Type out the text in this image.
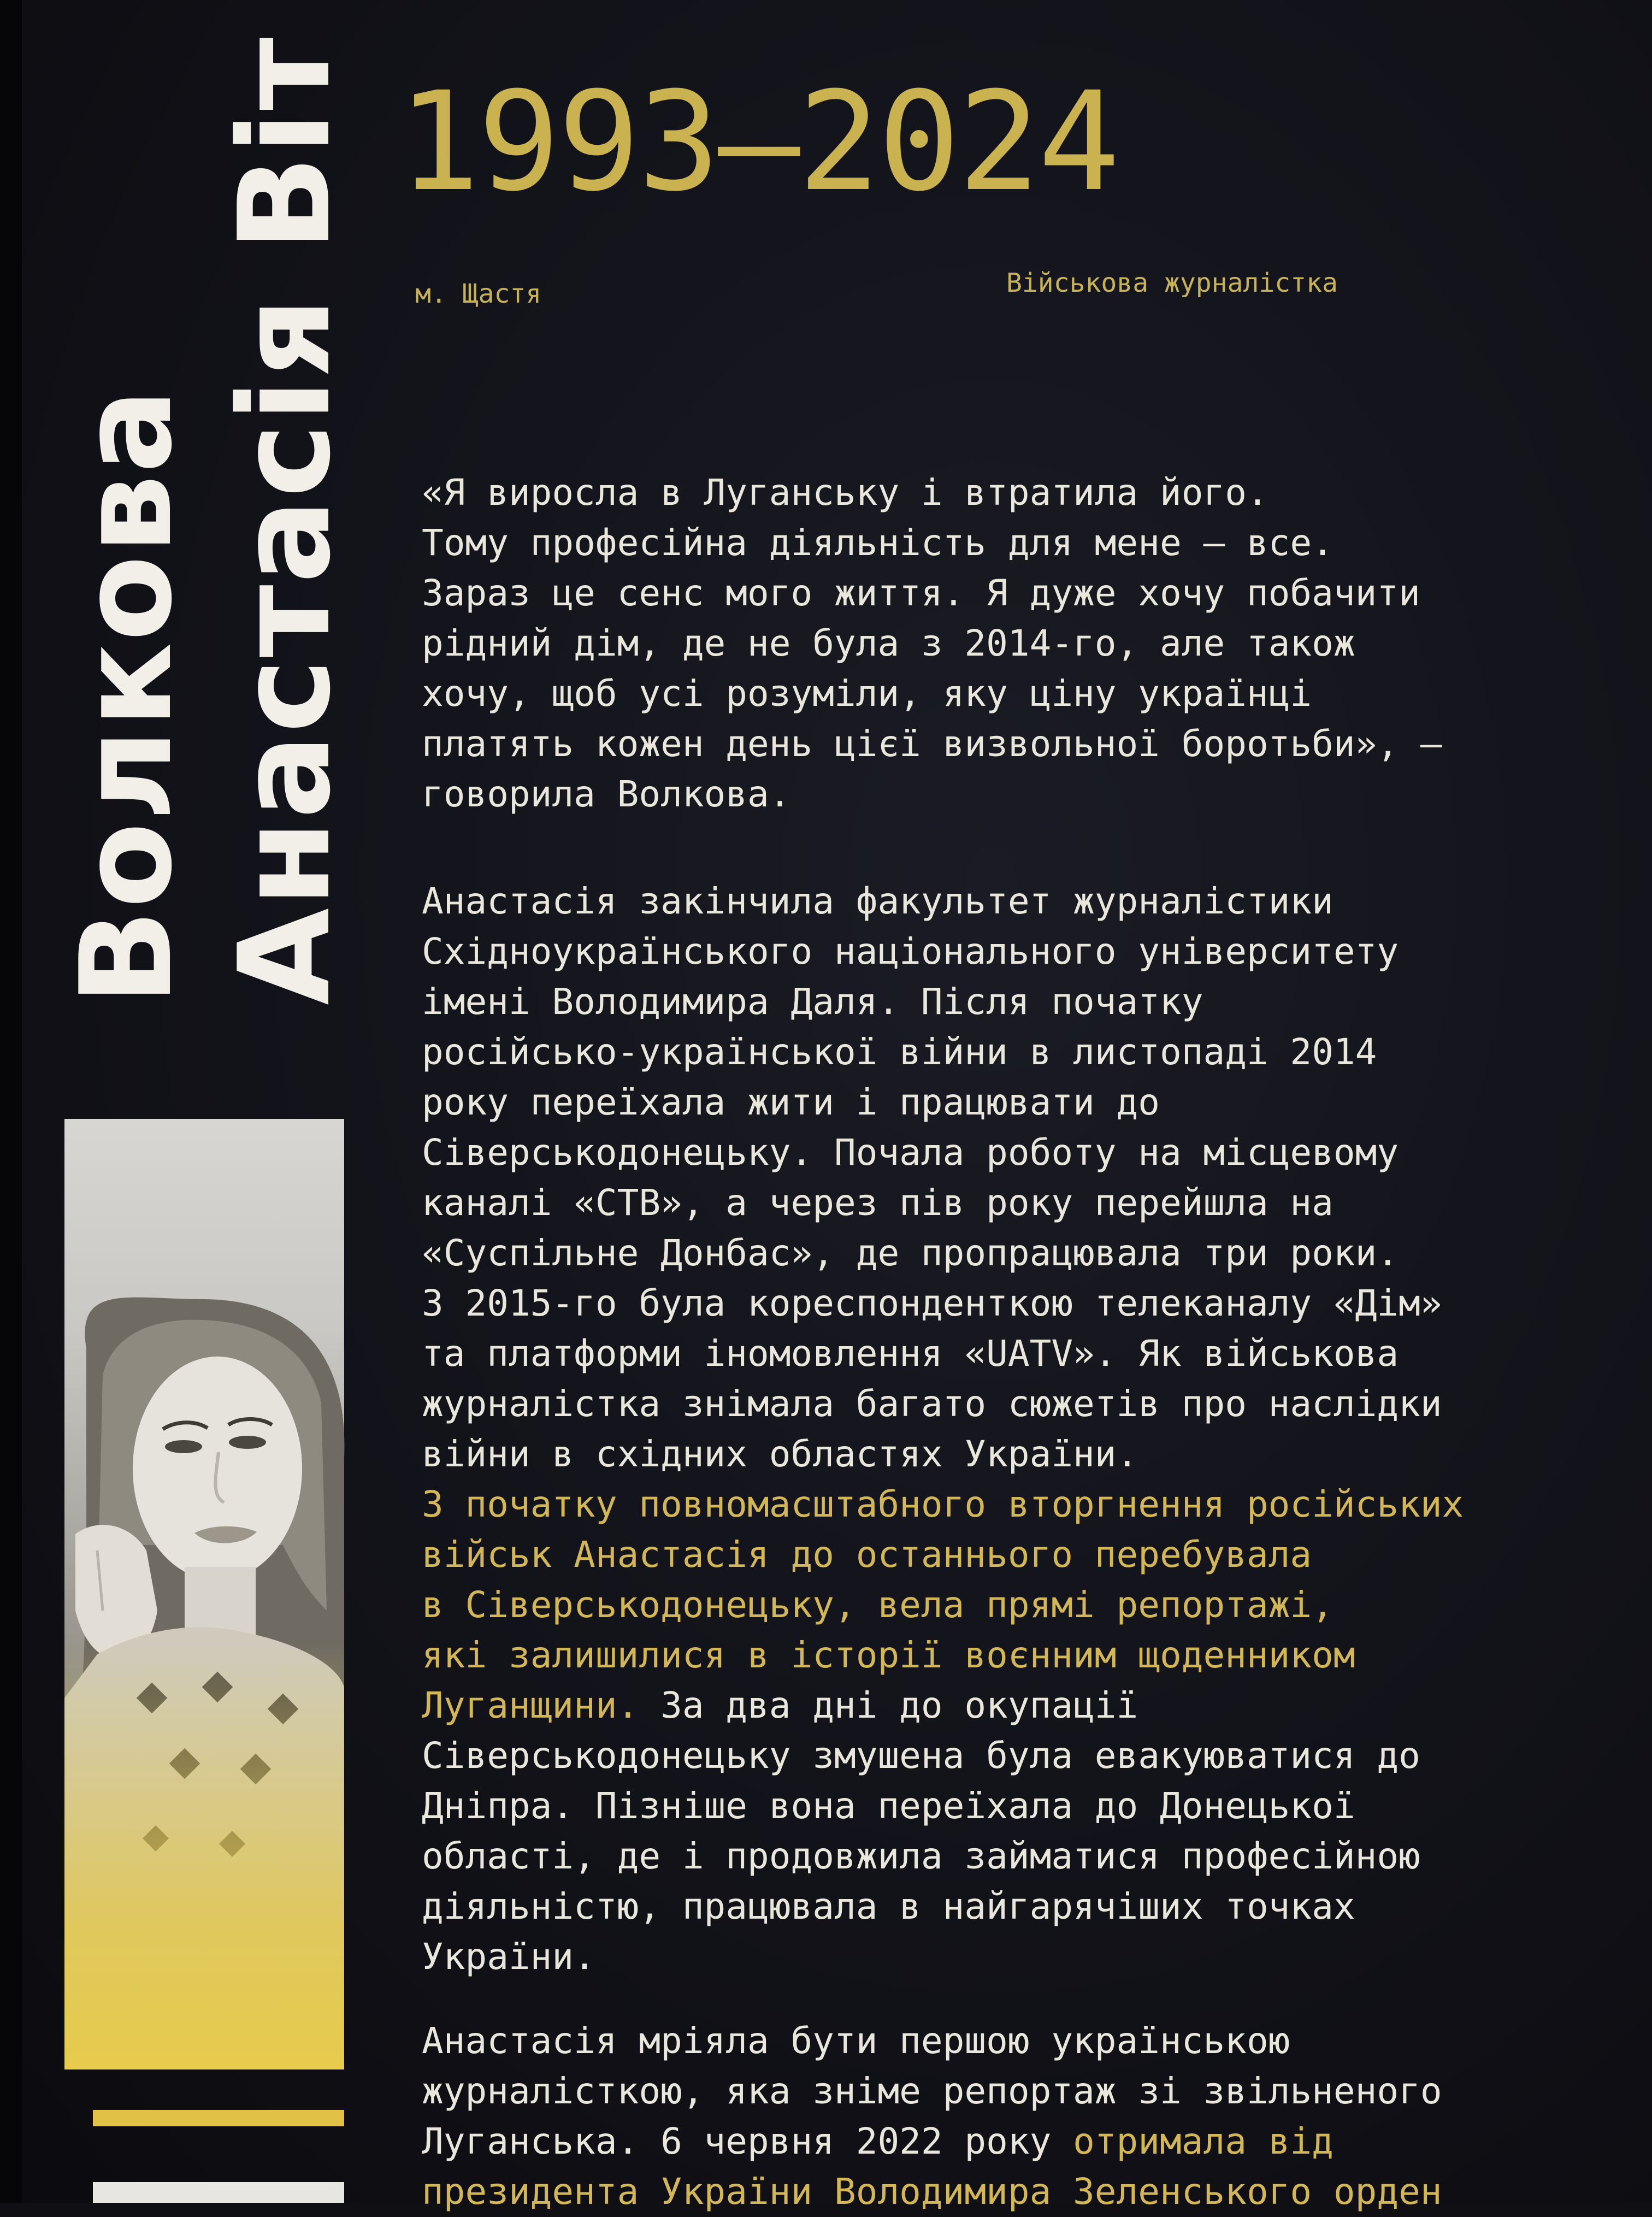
Волкова Анастасія Віт 1993–2024
м. Щастя	Військова журналістка
«Я виросла в Луганську і втратила його.
Тому професійна діяльність для мене – все.
Зараз це сенс мого життя. Я дуже хочу побачити
рідний дім, де не була з 2014-го, але також
хочу, щоб усі розуміли, яку ціну українці
платять кожен день цієї визвольної боротьби», –
говорила Волкова.
Анастасія закінчила факультет журналістики
Східноукраїнського національного університету
імені Володимира Даля. Після початку
російсько-української війни в листопаді 2014
року переїхала жити і працювати до
Сіверськодонецьку. Почала роботу на місцевому
каналі «СТВ», а через пів року перейшла на
«Суспільне Донбас», де пропрацювала три роки.
З 2015-го була кореспонденткою телеканалу «Дім»
та платформи іномовлення «UATV». Як військова
журналістка знімала багато сюжетів про наслідки
війни в східних областях України.
З початку повномасштабного вторгнення російських
військ Анастасія до останнього перебувала
в Сіверськодонецьку, вела прямі репортажі,
які залишилися в історії воєнним щоденником
Луганщини. За два дні до окупації
Сіверськодонецьку змушена була евакуюватися до
Дніпра. Пізніше вона переїхала до Донецької
області, де і продовжила займатися професійною
діяльністю, працювала в найгарячіших точках
України.
Анастасія мріяла бути першою українською
журналісткою, яка зніме репортаж зі звільненого
Луганська. 6 червня 2022 року отримала від
президента України Володимира Зеленського орден
